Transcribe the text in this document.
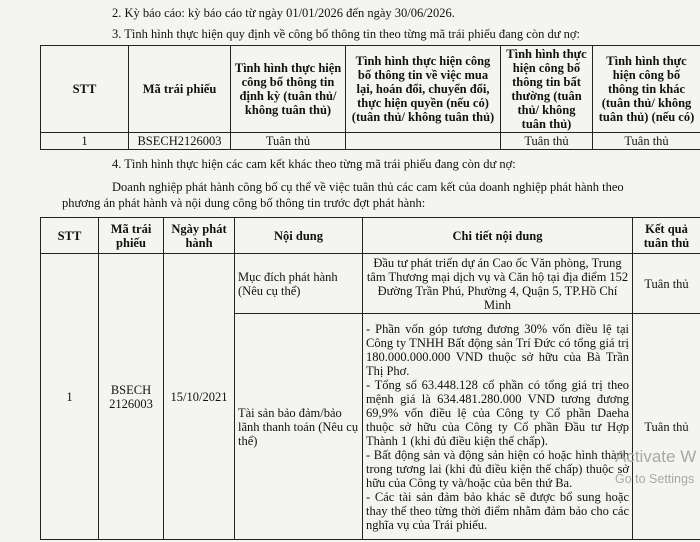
2. Kỳ báo cáo: kỳ báo cáo từ ngày 01/01/2026 đến ngày 30/06/2026.
3. Tình hình thực hiện quy định về công bố thông tin theo từng mã trái phiếu đang còn dư nợ:
STT	Mã trái phiếu	Tình hình thực hiện công bố thông tin định kỳ (tuân thủ/ không tuân thủ)	Tình hình thực hiện công bố thông tin về việc mua lại, hoán đổi, chuyển đổi, thực hiện quyền (nếu có) (tuân thủ/ không tuân thủ)	Tình hình thực hiện công bố thông tin bất thường (tuân thủ/ không tuân thủ)	Tình hình thực hiện công bố thông tin khác (tuân thủ/ không tuân thủ) (nếu có)
1	BSECH2126003	Tuân thủ		Tuân thủ	Tuân thủ
4. Tình hình thực hiện các cam kết khác theo từng mã trái phiếu đang còn dư nợ:
Doanh nghiệp phát hành công bố cụ thể về việc tuân thủ các cam kết của doanh nghiệp phát hành theo
phương án phát hành và nội dung công bố thông tin trước đợt phát hành:
STT	Mã trái phiếu	Ngày phát hành	Nội dung	Chi tiết nội dung	Kết quả tuân thủ
1	BSECH 2126003	15/10/2021	Mục đích phát hành (Nêu cụ thể)	Đầu tư phát triển dự án Cao ốc Văn phòng, Trung tâm Thương mại dịch vụ và Căn hộ tại địa điểm 152 Đường Trần Phú, Phường 4, Quận 5, TP.Hồ Chí Minh	Tuân thủ
			Tài sản bảo đảm/bảo lãnh thanh toán (Nêu cụ thể)	- Phần vốn góp tương đương 30% vốn điều lệ tại Công ty TNHH Bất động sản Trí Đức có tổng giá trị 180.000.000.000 VND thuộc sở hữu của Bà Trần Thị Phơ.
- Tổng số 63.448.128 cổ phần có tổng giá trị theo mệnh giá là 634.481.280.000 VND tương đương 69,9% vốn điều lệ của Công ty Cổ phần Daeha thuộc sở hữu của Công ty Cổ phần Đầu tư Hợp Thành 1 (khi đủ điều kiện thế chấp).
- Bất động sản và động sản hiện có hoặc hình thành trong tương lai (khi đủ điều kiện thế chấp) thuộc sở hữu của Công ty và/hoặc của bên thứ Ba.
- Các tài sản đảm bảo khác sẽ được bổ sung hoặc thay thế theo từng thời điểm nhằm đảm bảo cho các nghĩa vụ của Trái phiếu.	Tuân thủ
Activate W
Go to Settings
